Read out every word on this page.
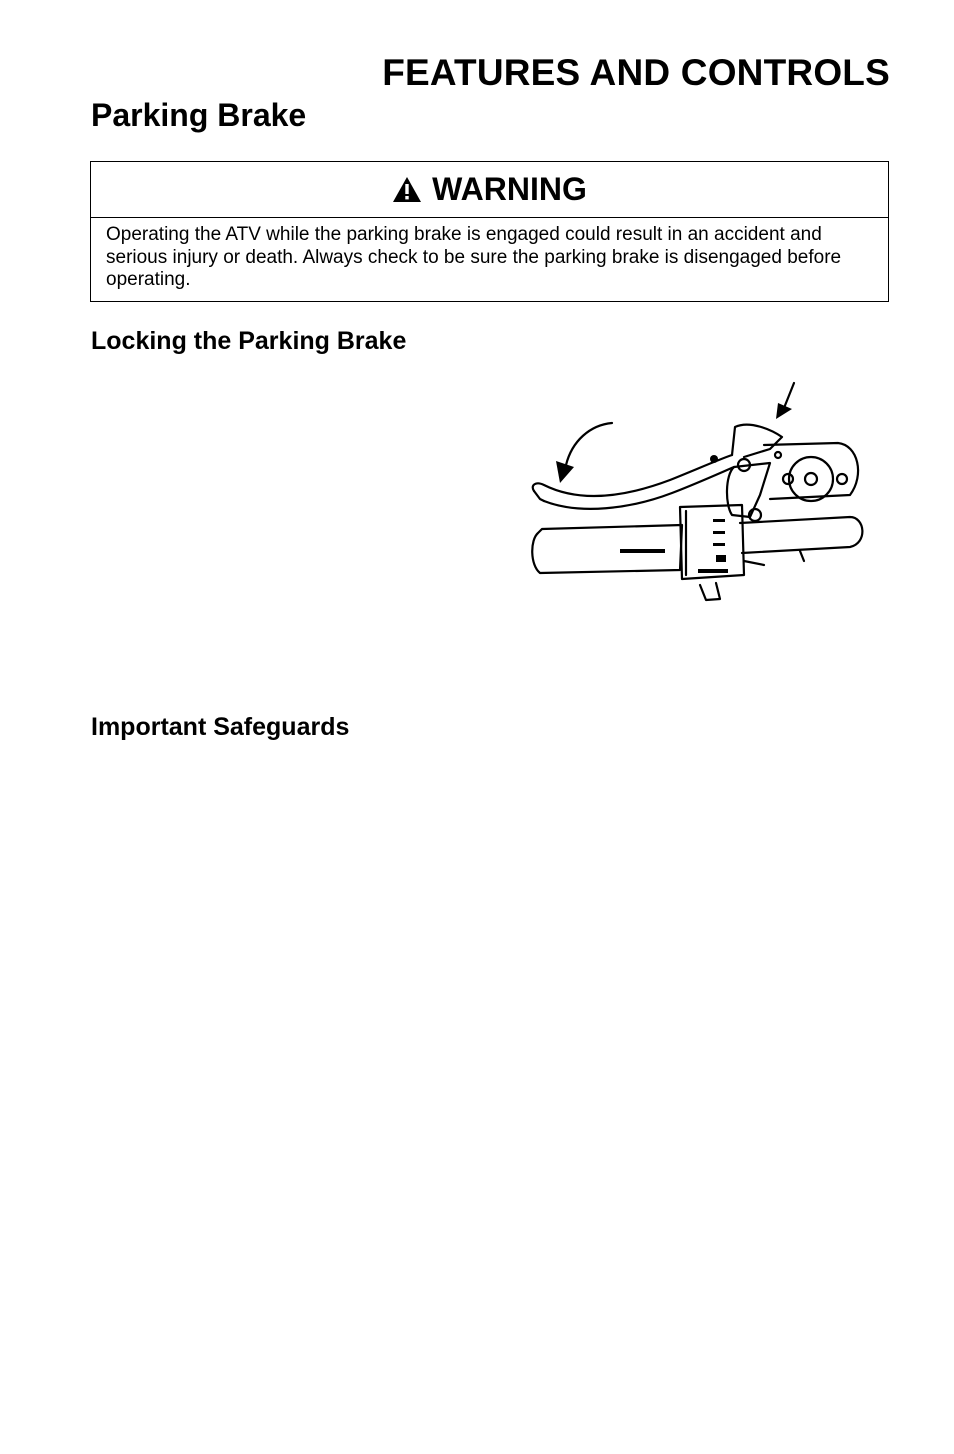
FEATURES AND CONTROLS
Parking Brake
WARNING
Operating the ATV while the parking brake is engaged could result in an accident and serious injury or death. Always check to be sure the parking brake is disengaged before operating.
Locking the Parking Brake
Important Safeguards
